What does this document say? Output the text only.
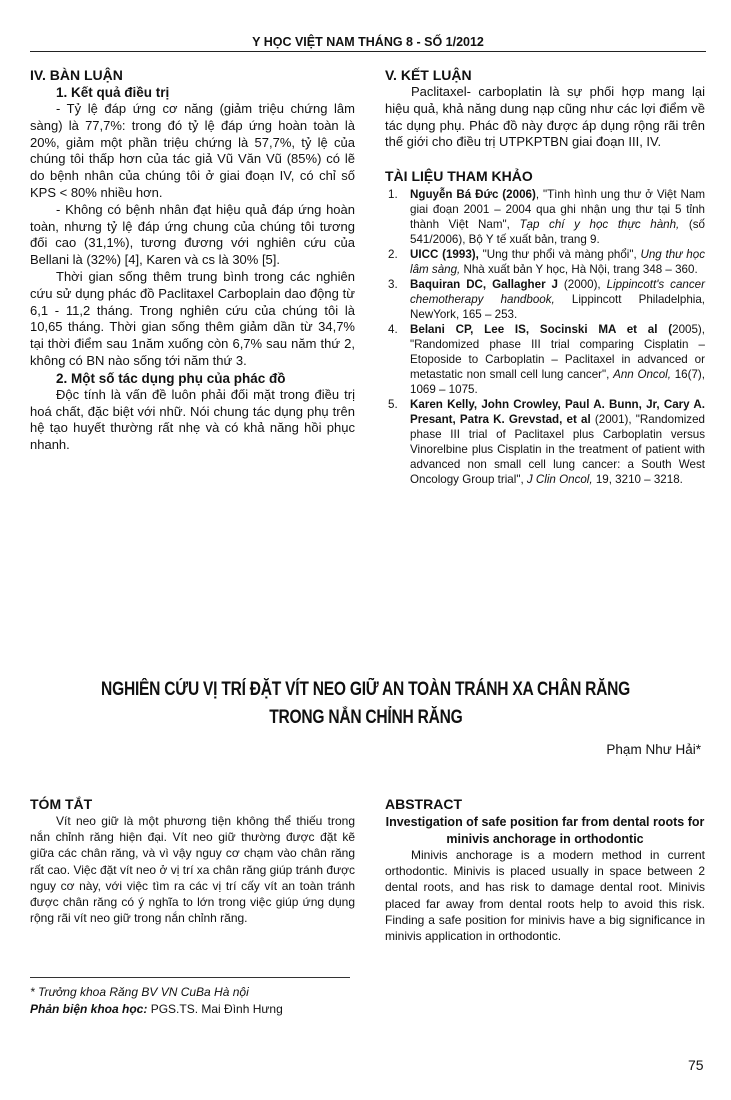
Y HỌC VIỆT NAM THÁNG 8 - SỐ 1/2012
IV. BÀN LUẬN
1. Kết quả điều trị

- Tỷ lệ đáp ứng cơ năng (giảm triệu chứng lâm sàng) là 77,7%: trong đó tỷ lệ đáp ứng hoàn toàn là 20%, giảm một phần triệu chứng là 57,7%, tỷ lệ của chúng tôi thấp hơn của tác giả Vũ Văn Vũ (85%) có lẽ do bệnh nhân của chúng tôi ở giai đoạn IV, có chỉ số KPS < 80% nhiều hơn.

- Không có bệnh nhân đạt hiệu quả đáp ứng hoàn toàn, nhưng tỷ lệ đáp ứng chung của chúng tôi tương đối cao (31,1%), tương đương với nghiên cứu của Bellani là (32%) [4], Karen và cs là 30% [5].

Thời gian sống thêm trung bình trong các nghiên cứu sử dụng phác đồ Paclitaxel Carboplain dao động từ 6,1 - 11,2 tháng. Trong nghiên cứu của chúng tôi là 10,65 tháng. Thời gian sống thêm giảm dần từ 34,7% tại thời điểm sau 1năm xuống còn 6,7% sau năm thứ 2, không có BN nào sống tới năm thứ 3.

2. Một số tác dụng phụ của phác đồ

Độc tính là vấn đề luôn phải đối mặt trong điều trị hoá chất, đặc biệt với nhữ. Nói chung tác dụng phụ trên hệ tạo huyết thường rất nhẹ và có khả năng hồi phục nhanh.

V. KẾT LUẬN

Paclitaxel- carboplatin là sự phối hợp mang lại hiệu quả, khả năng dung nạp cũng như các lợi điểm về tác dụng phụ. Phác đồ này được áp dụng rộng rãi trên thế giới cho điều trị UTPKPTBN giai đoạn III, IV.

TÀI LIỆU THAM KHẢO
1. Nguyễn Bá Đức (2006), "Tình hình ung thư ở Việt Nam giai đoạn 2001 – 2004 qua ghi nhận ung thư tại 5 tỉnh thành Việt Nam", Tạp chí y học thực hành, (số 541/2006), Bộ Y tế xuất bản, trang 9.
2. UICC (1993), "Ung thư phổi và màng phổi", Ung thư học lâm sàng, Nhà xuất bản Y học, Hà Nội, trang 348 – 360.
3. Baquiran DC, Gallagher J (2000), Lippincott's cancer chemotherapy handbook, Lippincott Philadelphia, NewYork, 165 – 253.
4. Belani CP, Lee IS, Socinski MA et al (2005), "Randomized phase III trial comparing Cisplatin – Etoposide to Carboplatin – Paclitaxel in advanced or metastatic non small cell lung cancer", Ann Oncol, 16(7), 1069 – 1075.
5. Karen Kelly, John Crowley, Paul A. Bunn, Jr, Cary A. Presant, Patra K. Grevstad, et al (2001), "Randomized phase III trial of Paclitaxel plus Carboplatin versus Vinorelbine plus Cisplatin in the treatment of patient with advanced non small cell lung cancer: a South West Oncology Group trial", J Clin Oncol, 19, 3210 – 3218.
NGHIÊN CỨU VỊ TRÍ ĐẶT VÍT NEO GIỮ AN TOÀN TRÁNH XA CHÂN RĂNG
TRONG NẮN CHỈNH RĂNG
Phạm Như Hải*
TÓM TẮT

Vít neo giữ là một phương tiện không thể thiếu trong nắn chỉnh răng hiện đại. Vít neo giữ thường được đặt kẽ giữa các chân răng, và vì vậy nguy cơ chạm vào chân răng rất cao. Việc đặt vít neo ở vị trí xa chân răng giúp tránh được nguy cơ này, với việc tìm ra các vị trí cấy vít an toàn tránh được chân răng có ý nghĩa to lớn trong việc giúp ứng dụng rộng rãi vít neo giữ trong nắn chỉnh răng.

ABSTRACT
Investigation of safe position far from dental roots for minivis anchorage in orthodontic

Minivis anchorage is a modern method in current orthodontic. Minivis is placed usually in space between 2 dental roots, and has risk to damage dental root. Minivis placed far away from dental roots help to avoid this risk. Finding a safe position for minivis have a big significance in minivis application in orthodontic.

* Trưởng khoa Răng BV VN CuBa Hà nội
Phản biện khoa học: PGS.TS. Mai Đình Hưng
75
